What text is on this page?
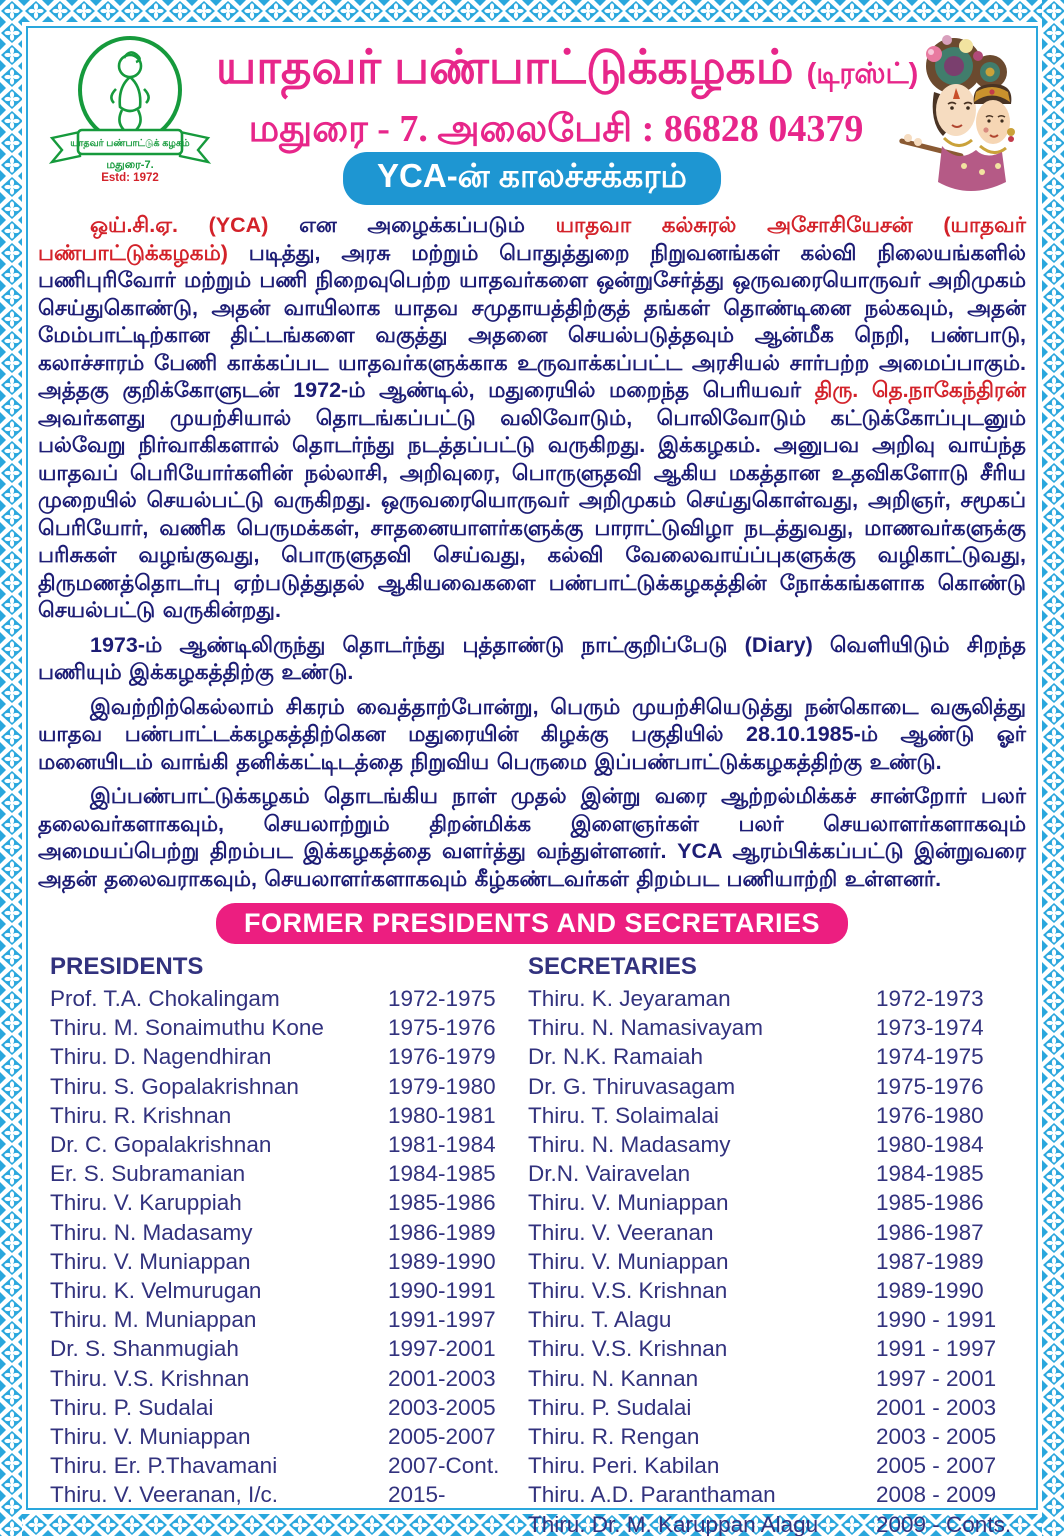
யாதவர் பண்பாட்டுக் கழகம்
மதுரை-7.
Estd: 1972
யாதவர் பண்பாட்டுக்கழகம் (டிரஸ்ட்)
மதுரை - 7. அலைபேசி : 86828 04379
YCA-ன் காலச்சக்கரம்

ஒய்.சி.ஏ. (YCA) என அழைக்கப்படும் யாதவா கல்சுரல் அசோசியேசன் (யாதவர் பண்பாட்டுக்கழகம்) படித்து, அரசு மற்றும் பொதுத்துறை நிறுவனங்கள் கல்வி நிலையங்களில் பணிபுரிவோர் மற்றும் பணி நிறைவுபெற்ற யாதவர்களை ஒன்றுசேர்த்து ஒருவரையொருவர் அறிமுகம் செய்துகொண்டு, அதன் வாயிலாக யாதவ சமுதாயத்திற்குத் தங்கள் தொண்டினை நல்கவும், அதன் மேம்பாட்டிற்கான திட்டங்களை வகுத்து அதனை செயல்படுத்தவும் ஆன்மீக நெறி, பண்பாடு, கலாச்சாரம் பேணி காக்கப்பட யாதவர்களுக்காக உருவாக்கப்பட்ட அரசியல் சார்பற்ற அமைப்பாகும். அத்தகு குறிக்கோளுடன் 1972-ம் ஆண்டில், மதுரையில் மறைந்த பெரியவர் திரு. தெ.நாகேந்திரன் அவர்களது முயற்சியால் தொடங்கப்பட்டு வலிவோடும், பொலிவோடும் கட்டுக்கோப்புடனும் பல்வேறு நிர்வாகிகளால் தொடர்ந்து நடத்தப்பட்டு வருகிறது. இக்கழகம். அனுபவ அறிவு வாய்ந்த யாதவப் பெரியோர்களின் நல்லாசி, அறிவுரை, பொருளுதவி ஆகிய மகத்தான உதவிகளோடு சீரிய முறையில் செயல்பட்டு வருகிறது. ஒருவரையொருவர் அறிமுகம் செய்துகொள்வது, அறிஞர், சமூகப் பெரியோர், வணிக பெருமக்கள், சாதனையாளர்களுக்கு பாராட்டுவிழா நடத்துவது, மாணவர்களுக்கு பரிசுகள் வழங்குவது, பொருளுதவி செய்வது, கல்வி வேலைவாய்ப்புகளுக்கு வழிகாட்டுவது, திருமணத்தொடர்பு ஏற்படுத்துதல் ஆகியவைகளை பண்பாட்டுக்கழகத்தின் நோக்கங்களாக கொண்டு செயல்பட்டு வருகின்றது.

1973-ம் ஆண்டிலிருந்து தொடர்ந்து புத்தாண்டு நாட்குறிப்பேடு (Diary) வெளியிடும் சிறந்த பணியும் இக்கழகத்திற்கு உண்டு.

இவற்றிற்கெல்லாம் சிகரம் வைத்தாற்போன்று, பெரும் முயற்சியெடுத்து நன்கொடை வசூலித்து யாதவ பண்பாட்டக்கழகத்திற்கென மதுரையின் கிழக்கு பகுதியில் 28.10.1985-ம் ஆண்டு ஓர் மனையிடம் வாங்கி தனிக்கட்டிடத்தை நிறுவிய பெருமை இப்பண்பாட்டுக்கழகத்திற்கு உண்டு.

இப்பண்பாட்டுக்கழகம் தொடங்கிய நாள் முதல் இன்று வரை ஆற்றல்மிக்கச் சான்றோர் பலர் தலைவர்களாகவும், செயலாற்றும் திறன்மிக்க இளைஞர்கள் பலர் செயலாளர்களாகவும் அமையப்பெற்று திறம்பட இக்கழகத்தை வளர்த்து வந்துள்ளனர். YCA ஆரம்பிக்கப்பட்டு இன்றுவரை அதன் தலைவராகவும், செயலாளர்களாகவும் கீழ்கண்டவர்கள் திறம்பட பணியாற்றி உள்ளனர்.

FORMER PRESIDENTS AND SECRETARIES
PRESIDENTS
Prof. T.A. Chokalingam	1972-1975
Thiru. M. Sonaimuthu Kone	1975-1976
Thiru. D. Nagendhiran	1976-1979
Thiru. S. Gopalakrishnan	1979-1980
Thiru. R. Krishnan	1980-1981
Dr. C. Gopalakrishnan	1981-1984
Er. S. Subramanian	1984-1985
Thiru. V. Karuppiah	1985-1986
Thiru. N. Madasamy	1986-1989
Thiru. V. Muniappan	1989-1990
Thiru. K. Velmurugan	1990-1991
Thiru. M. Muniappan	1991-1997
Dr. S. Shanmugiah	1997-2001
Thiru. V.S. Krishnan	2001-2003
Thiru. P. Sudalai	2003-2005
Thiru. V. Muniappan	2005-2007
Thiru. Er. P.Thavamani	2007-Cont.
Thiru. V. Veeranan, I/c.	2015-
SECRETARIES
Thiru. K. Jeyaraman	1972-1973
Thiru. N. Namasivayam	1973-1974
Dr. N.K. Ramaiah	1974-1975
Dr. G. Thiruvasagam	1975-1976
Thiru. T. Solaimalai	1976-1980
Thiru. N. Madasamy	1980-1984
Dr.N. Vairavelan	1984-1985
Thiru. V. Muniappan	1985-1986
Thiru. V. Veeranan	1986-1987
Thiru. V. Muniappan	1987-1989
Thiru. V.S. Krishnan	1989-1990
Thiru. T. Alagu	1990 - 1991
Thiru. V.S. Krishnan	1991 - 1997
Thiru. N. Kannan	1997 - 2001
Thiru. P. Sudalai	2001 - 2003
Thiru. R. Rengan	2003 - 2005
Thiru. Peri. Kabilan	2005 - 2007
Thiru. A.D. Paranthaman	2008 - 2009
Thiru. Dr. M. Karuppan Alagu	2009 - Conts.
